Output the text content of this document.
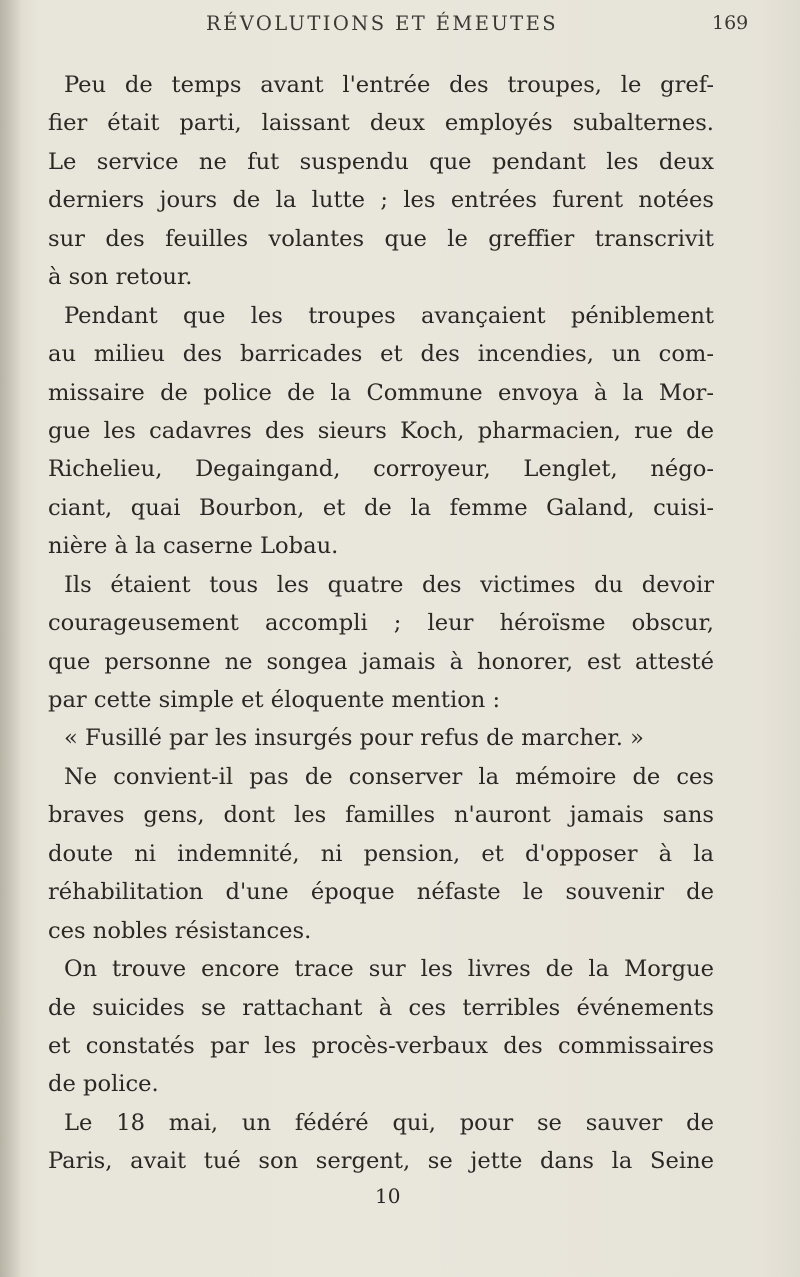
RÉVOLUTIONS ET ÉMEUTES	169
Peu de temps avant l'entrée des troupes, le gref-
fier était parti, laissant deux employés subalternes.
Le service ne fut suspendu que pendant les deux
derniers jours de la lutte ; les entrées furent notées
sur des feuilles volantes que le greffier transcrivit
à son retour.
Pendant que les troupes avançaient péniblement
au milieu des barricades et des incendies, un com-
missaire de police de la Commune envoya à la Mor-
gue les cadavres des sieurs Koch, pharmacien, rue de
Richelieu, Degaingand, corroyeur, Lenglet, négo-
ciant, quai Bourbon, et de la femme Galand, cuisi-
nière à la caserne Lobau.
Ils étaient tous les quatre des victimes du devoir
courageusement accompli ; leur héroïsme obscur,
que personne ne songea jamais à honorer, est attesté
par cette simple et éloquente mention :
« Fusillé par les insurgés pour refus de marcher. »
Ne convient-il pas de conserver la mémoire de ces
braves gens, dont les familles n'auront jamais sans
doute ni indemnité, ni pension, et d'opposer à la
réhabilitation d'une époque néfaste le souvenir de
ces nobles résistances.
On trouve encore trace sur les livres de la Morgue
de suicides se rattachant à ces terribles événements
et constatés par les procès-verbaux des commissaires
de police.
Le 18 mai, un fédéré qui, pour se sauver de
Paris, avait tué son sergent, se jette dans la Seine
10
